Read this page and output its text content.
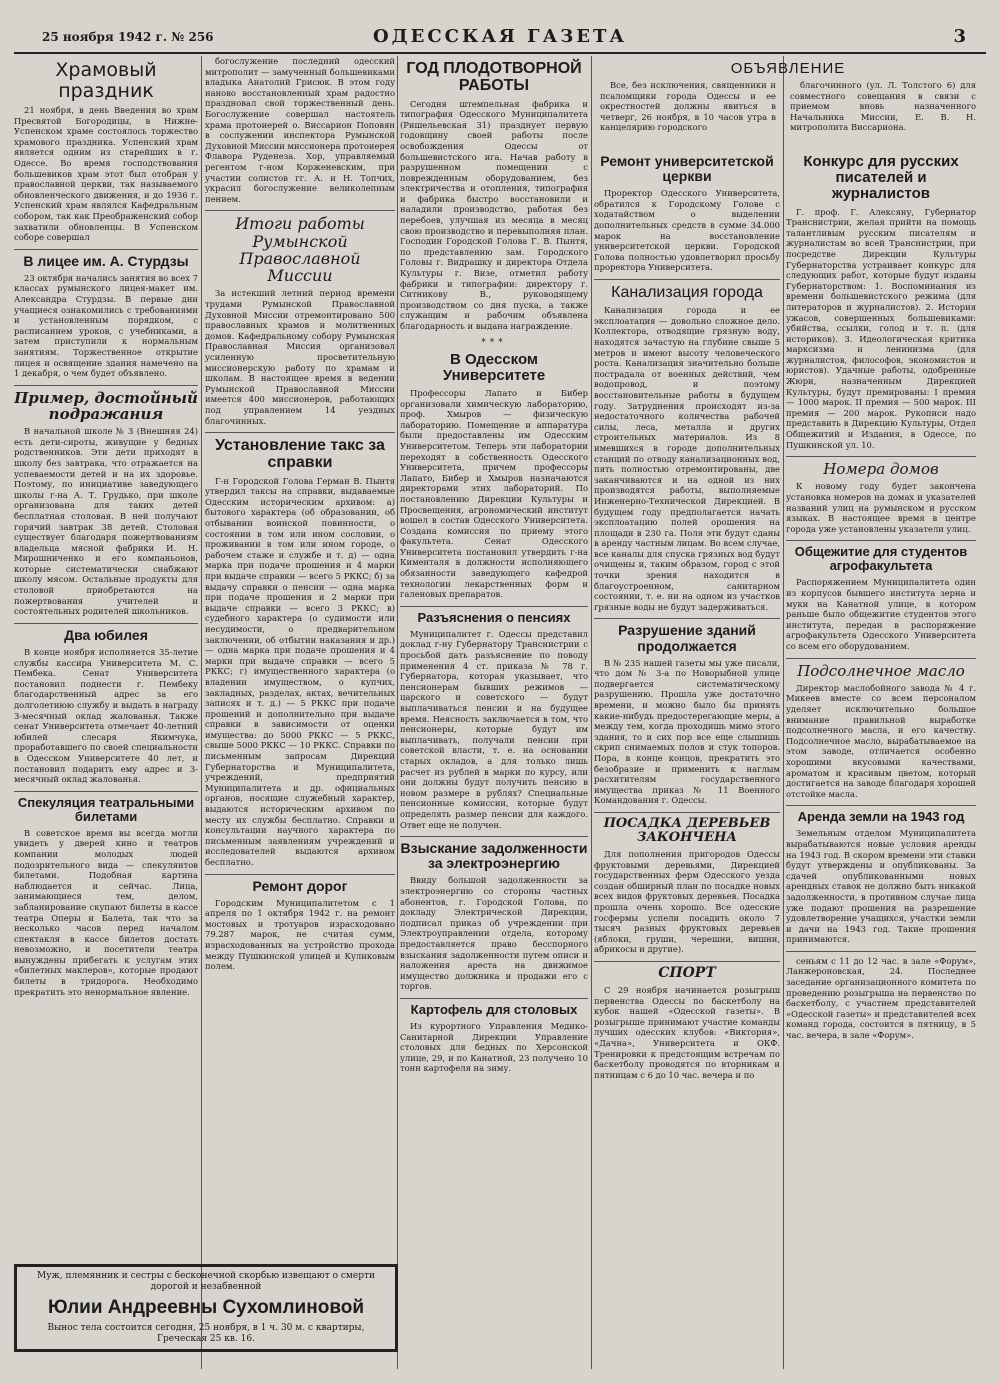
25 ноября 1942 г. № 256	ОДЕССКАЯ ГАЗЕТА	3
Храмовый праздник

21 ноября, в день Введения во храм Пресвятой Богородицы, в Нижне-Успенском храме состоялось торжество храмового праздника. Успенский храм является одним из старейших в г. Одессе. Во время господствования большевиков храм этот был отобран у православной церкви, так называемого обновленческого движения, и до 1936 г. Успенский храм являлся Кафедральным собором, так как Преображенский собор захватили обновленцы. В Успенском соборе совершал

В лицее им. А. Стурдзы

23 октября начались занятия во всех 7 классах румынского лицея-макет им. Александра Стурдзы. В первые дни учащиеся ознакомились с требованиями и установленным порядком, с расписанием уроков, с учебниками, а затем приступили к нормальным занятиям. Торжественное открытие лицея и освящение здания намечено на 1 декабря, о чем будет объявлено.

Пример, достойный подражания

В начальной школе № 3 (Внешняя 24) есть дети-сироты, живущие у бедных родственников. Эти дети приходят в школу без завтрака, что отражается на успеваемости детей и на их здоровье. Поэтому, по инициативе заведующего школы г-на А. Т. Грудько, при школе организована для таких детей бесплатная столовая. В ней получают горячий завтрак 38 детей. Столовая существует благодаря пожертвованиям владельца мясной фабрики И. Н. Мирошниченко и его компаньонов, которые систематически снабжают школу мясом. Остальные продукты для столовой приобретаются на пожертвования учителей и состоятельных родителей школьников.

Два юбилея

В конце ноября исполняется 35-летие службы кассира Университета М. С. Пембека. Сенат Университета постановил поднести г. Пембеку благодарственный адрес за его долголетнюю службу и выдать в награду 3-месячный оклад жалованья. Также сенат Университета отмечает 40-летний юбилей слесаря Якимчука, проработавшего по своей специальности в Одесском Университете 40 лет, и постановил подарить ему адрес и 3-месячный оклад жалованья.

Спекуляция театральными билетами

В советское время вы всегда могли увидеть у дверей кино и театров компании молодых людей подозрительного вида — спекулянтов билетами. Подобная картина наблюдается и сейчас. Лица, занимающиеся тем, делом, забланирование скупают билеты в кассе театра Оперы и Балета, так что за несколько часов перед началом спектакля в кассе билетов достать невозможно, и посетители театра вынуждены прибегать к услугам этих «билетных маклеров», которые продают билеты в тридорога. Необходимо прекратить это ненормальное явление.

Муж, племянник и сестры с бесконечной скорбью извещают о смерти дорогой и незабвенной
Юлии Андреевны Сухомлиновой
Вынос тела состоится сегодня, 25 ноября, в 1 ч. 30 м. с квартиры, Греческая 25 кв. 16.

богослужение последний одесский митрополит — замученный большевиками владыка Анатолий Грисюк. В этом году наново восстановленный храм радостно праздновал свой торжественный день. Богослужение совершал настоятель храма протоиерей о. Виссарион Поповян в сослужении инспектора Румынской Духовной Миссии миссионера протоиерея Флавора Руденеза. Хор, управляемый регентом г-ном Корженевским, при участии солистов гг. А. и Н. Топчих, украсил богослужение великолепным пением.

Итоги работы Румынской Православной Миссии

За истекший летний период времени трудами Румынской Православной Духовной Миссии отремонтировано 500 православных храмов и молитвенных домов. Кафедральному собору Румынская Православная Миссия организовал усиленную просветительную миссионерскую работу по храмам и школам. В настоящее время в ведении Румынской Православной Миссии имеется 400 миссионеров, работающих под управлением 14 уездных благочинных.

Установление такс за справки

Г-н Городской Голова Герман В. Пынтя утвердил таксы на справки, выдаваемые Одесским историческим архивом: а) бытового характера (об образовании, об отбывании воинской повинности, о состоянии в том или ином сословии, о проживании в том или ином городе, о рабочем стаже и службе и т. д) — одна марка при подаче прошения и 4 марки при выдаче справки — всего 5 РККС; б) за выдачу справки о пенсии — одна марка при подаче прошения и 2 марки при выдаче справки — всего 3 РККС; в) судебного характера (о судимости или несудимости, о предварительном заключении, об отбытии наказания и др.) — одна марка при подаче прошения и 4 марки при выдаче справки — всего 5 РККС; г) имущественного характера (о владении имуществом, о купчих, закладных, разделах, актах, вечительных записях и т. д.) — 5 РККС при подаче прошений и дополнительно при выдаче справки в зависимости от оценки имущества: до 5000 РККС — 5 РККС, свыше 5000 РККС — 10 РККС. Справки по письменным запросам Дирекций Губернаторства и Муниципалитета, учреждений, предприятий Муниципалитета и др. официальных органов, носящие служебный характер, выдаются историческим архивом по месту их службы бесплатно. Справки и консультации научного характера по письменным заявлениям учреждений и исследователей выдаются архивом бесплатно.

Ремонт дорог

Городским Муниципалитетом с 1 апреля по 1 октября 1942 г. на ремонт мостовых и тротуаров израсходовано 79.287 марок, не считая сумм, израсходованных на устройство прохода между Пушкинской улицей и Куликовым полем.

ГОД ПЛОДОТВОРНОЙ РАБОТЫ

Сегодня штемпельная фабрика и типография Одесского Муниципалитета (Ришельевская 31) празднует первую годовщину своей работы после освобождения Одессы от большевистского ига. Начав работу в разрушенном помещении с поврежденным оборудованием, без электричества и отопления, типография и фабрика быстро восстановили и наладили производство, работая без перебоев, улучшая из месяца в месяц свою производство и перевыполняя план. Господин Городской Голова Г. В. Пынтя, по представлению зам. Городского Головы г. Видрашку и директора Отдела Культуры г. Визе, отметил работу фабрики и типографии: директору г. Ситникову В., руководящему производством со дня пуска, а также служащим и рабочим объявлена благодарность и выдана награждение.

***
В Одесском Университете

Профессоры Лапато и Бибер организовали химическую лабораторию, проф. Хмыров — физическую лабораторию. Помещение и аппаратура были предоставлены им Одесским Университетом. Теперь эти лаборатории переходят в собственность Одесского Университета, причем профессоры Лапато, Бибер и Хмыров назначаются директорами этих лабораторий. По постановлению Дирекции Культуры и Просвещения, агрономический институт вошел в состав Одесского Университета. Создана комиссия по приему этого факультета. Сенат Одесского Университета постановил утвердить г-на Кименталя в должности исполняющего обязанности заведующего кафедрой технологии лекарственных форм и галеновых препаратов.

Разъяснения о пенсиях

Муниципалитет г. Одессы представил доклад г-ну Губернатору Транснистрии с просьбой дать разъяснение по поводу применения 4 ст. приказа № 78 г. Губернатора, которая указывает, что пенсионерам бывших режимов — царского и советского — будут выплачиваться пенсии и на будущее время. Неясность заключается в том, что пенсионеры, которые будут им выплачивать, получали пенсии при советской власти, т. е. на основании старых окладов, а для только лишь расчет из рублей в марки по курсу, или они должны будут получить пенсию в новом размере в рублях? Специальные пенсионные комиссии, которые будут определять размер пенсии для каждого. Ответ еще не получен.

Взыскание задолженности за электроэнергию

Ввиду большой задолженности за электроэнергию со стороны частных абонентов, г. Городской Голова, по докладу Электрической Дирекции, подписал приказ об учреждении при Электроуправлении отдела, которому предоставляется право бесспорного взыскания задолженности путем описи и наложения ареста на движимое имущество должника и продажи его с торгов.

Картофель для столовых

Из курортного Управления Медико-Санитарной Дирекции Управление столовых для бедных по Херсонской улице, 29, и по Канатной, 23 получено 10 тонн картофеля на зиму.

ОБЪЯВЛЕНИЕ

Все, без исключения, священники и псаломщики города Одессы и ее окрестностей должны явиться в четверг, 26 ноября, в 10 часов утра в канцелярию городского

благочинного (ул. Л. Толстого 6) для совместного совещания в связи с приемом вновь назначенного Начальника Миссии, Е. В. Н. митрополита Виссариона.

Ремонт университетской церкви

Проректор Одесского Университета, обратился к Городскому Голове с ходатайством о выделении дополнительных средств в сумме 34.000 марок на восстановление университетской церкви. Городской Голова полностью удовлетворил просьбу проректора Университета.

Канализация города

Канализация города и ее эксплоатация — довольно сложное дело. Коллектора, отводящие грязную воду, находятся зачастую на глубине свыше 5 метров и имеют высоту человеческого роста. Канализация значительно больше пострадала от военных действий, чем водопровод, и поэтому восстановительные работы в будущем году. Затруднения происходят из-за недостаточного количества рабочей силы, леса, металла и других строительных материалов. Из 8 имевшихся в городе дополнительных станций по отводу канализационных вод, пять полностью отремонтированы, две заканчиваются и на одной из них производятся работы, выполняемые Инженерно-Технической Дирекцией. В будущем году предполагается начать эксплоатацию полей орошения на площади в 230 га. Поля эти будут сданы в аренду частным лицам. Во всем случае, все каналы для спуска грязных вод будут очищены и, таким образом, город с этой точки зрения находится в благоустроенном, санитарном состоянии, т. е. ни на одном из участков грязные воды не будут задерживаться.

Разрушение зданий продолжается

В № 235 нашей газеты мы уже писали, что дом № 3-а по Новорыбной улице подвергается систематическому разрушению. Прошла уже достаточно времени, и можно было бы принять какие-нибудь предостерегающие меры, а между тем, когда проходишь мимо этого здания, то и сих пор все еще слышишь скрип снимаемых полов и стук топоров. Пора, в конце концов, прекратить это безобразие и применить к наглым расхитителям государственного имущества приказ № 11 Военного Командования г. Одессы.

ПОСАДКА ДЕРЕВЬЕВ ЗАКОНЧЕНА

Для пополнения пригородов Одессы фруктовыми деревьями, Дирекцией государственных ферм Одесского уезда создан обширный план по посадке новых всех видов фруктовых деревьев. Посадка прошла очень хорошо. Все одесские госфермы успели посадить около 7 тысяч разных фруктовых деревьев (яблоки, груши, черешни, вишни, абрикосы и другие).

СПОРТ

С 29 ноября начинается розыгрыш первенства Одессы по баскетболу на кубок нашей «Одесской газеты». В розыгрыше принимают участие команды лучших одесских клубов: «Виктория», «Дачна», Университета и ОКФ. Тренировки к предстоящим встречам по баскетболу проводятся по вторникам и пятницам с 6 до 10 час. вечера и по

Конкурс для русских писателей и журналистов

Г. проф. Г. Алексяну, Губернатор Транснистрии, желая прийти на помощь талантливым русским писателям и журналистам во всей Транснистрии, при посредстве Дирекции Культуры Губернаторства устраивает конкурс для следующих работ, которые будут изданы Губернаторством: 1. Воспоминания из времени большевистского режима (для литераторов и журналистов). 2. История ужасов, совершенных большевиками: убийства, ссылки, голод и т. п. (для историков). 3. Идеологическая критика марксизма и ленинизма (для журналистов, философов, экономистов и юристов). Удачные работы, одобренные Жюри, назначенным Дирекцией Культуры, будут премированы: I премия — 1000 марок. II премия — 500 марок. III премия — 200 марок. Рукописи надо представить в Дирекцию Культуры, Отдел Общежитий и Издания, в Одессе, по Пушкинской ул. 10.

Номера домов

К новому году будет закончена установка номеров на домах и указателей названий улиц на румынском и русском языках. В настоящее время в центре города уже установлены указатели улиц.

Общежитие для студентов агрофакультета

Распоряжением Муниципалитета один из корпусов бывшего института зерна и муки на Канатной улице, в котором раньше было общежитие студентов этого института, передан в распоряжение агрофакультета Одесского Университета со всем его оборудованием.

Подсолнечное масло

Директор маслобойного завода № 4 г. Микеев вместе со всем персоналом уделяет исключительно большое внимание правильной выработке подсолнечного масла, и его качеству. Подсолнечное масло, вырабатываемое на этом заводе, отличается особенно хорошими вкусовыми качествами, ароматом и красивым цветом, который достигается на заводе благодаря хорошей отстойке масла.

Аренда земли на 1943 год

Земельным отделом Муниципалитета вырабатываются новые условия аренды на 1943 год. В скором времени эти ставки будут утверждены и опубликованы. За сдачей опубликованными новых арендных ставок не должно быть никакой задолженности, в противном случае лица уже подают прошения на разрешение удовлетворение учащихся, участки земли и дачи на 1943 год. Такие прошения принимаются.

сеньям с 11 до 12 час. в зале «Форум», Ланжероновская, 24. Последнее заседание организационного комитета по проведению розыгрыша на первенство по баскетболу, с участием представителей «Одесской газеты» и представителей всех команд города, состоится в пятницу, в 5 час. вечера, в зале «Форум».
